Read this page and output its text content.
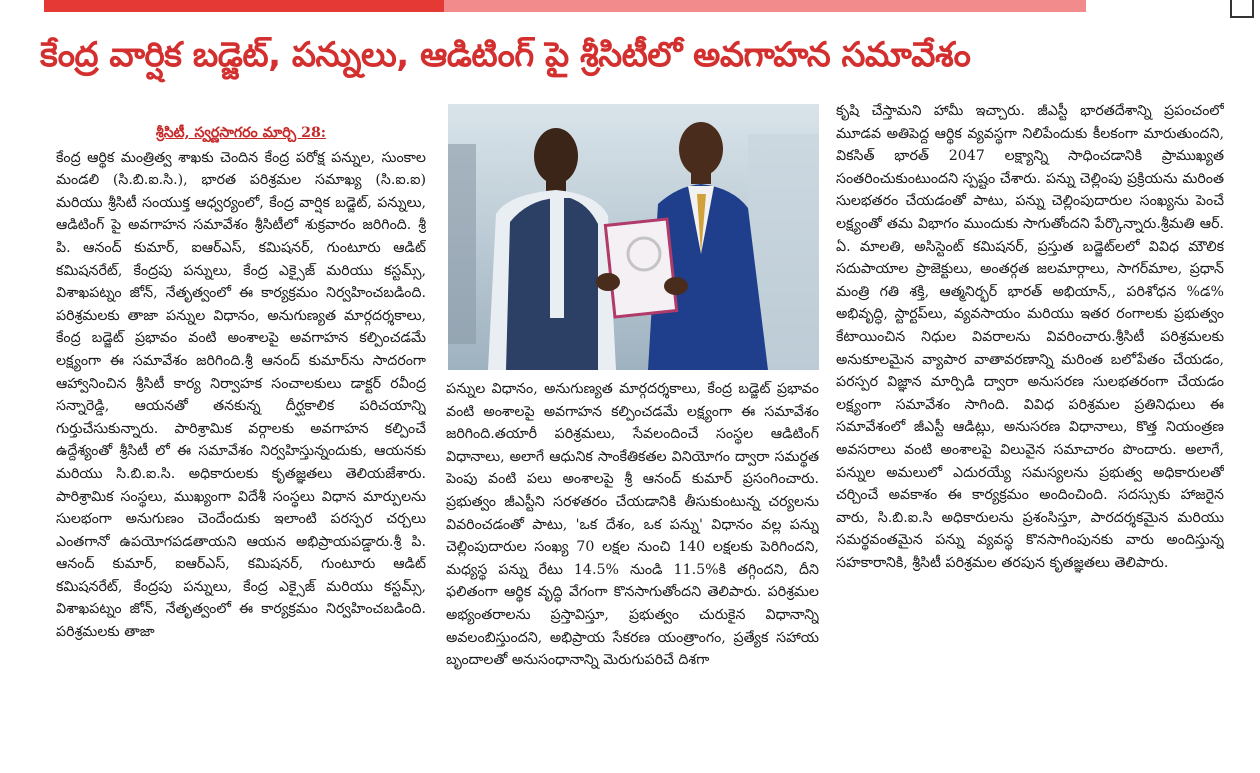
కేంద్ర వార్షిక బడ్జెట్, పన్నులు, ఆడిటింగ్ పై శ్రీసిటీలో అవగాహన సమావేశం
శ్రీసిటీ, స్వర్ణసాగరం మార్చి 28:

కేంద్ర ఆర్థిక మంత్రిత్వ శాఖకు చెందిన కేంద్ర పరోక్ష పన్నుల, సుంకాల మండలి (సి.బి.ఐ.సి.), భారత పరిశ్రమల సమాఖ్య (సి.ఐ.ఐ) మరియు శ్రీసిటీ సంయుక్త ఆధ్వర్యంలో, కేంద్ర వార్షిక బడ్జెట్, పన్నులు, ఆడిటింగ్ పై అవగాహన సమావేశం శ్రీసిటీలో శుక్రవారం జరిగింది. శ్రీ పి. ఆనంద్ కుమార్, ఐఆర్ఎస్, కమిషనర్, గుంటూరు ఆడిట్ కమిషనరేట్, కేంద్రపు పన్నులు, కేంద్ర ఎక్సైజ్ మరియు కస్టమ్స్, విశాఖపట్నం జోన్, నేతృత్వంలో ఈ కార్యక్రమం నిర్వహించబడింది. పరిశ్రమలకు తాజా పన్నుల విధానం, అనుగుణ్యత మార్గదర్శకాలు, కేంద్ర బడ్జెట్ ప్రభావం వంటి అంశాలపై అవగాహన కల్పించడమే లక్ష్యంగా ఈ సమావేశం జరిగింది.శ్రీ ఆనంద్ కుమార్‌ను సాదరంగా ఆహ్వానించిన శ్రీసిటీ కార్య నిర్వాహక సంచాలకులు డాక్టర్ రవీంద్ర సన్నారెడ్డి, ఆయనతో తనకున్న దీర్ఘకాలిక పరిచయాన్ని గుర్తుచేసుకున్నారు. పారిశ్రామిక వర్గాలకు అవగాహన కల్పించే ఉద్దేశ్యంతో శ్రీసిటీ లో ఈ సమావేశం నిర్వహిస్తున్నందుకు, ఆయనకు మరియు సి.బి.ఐ.సి. అధికారులకు కృతజ్ఞతలు తెలియజేశారు. పారిశ్రామిక సంస్థలు, ముఖ్యంగా విదేశీ సంస్థలు విధాన మార్పులను సులభంగా అనుగుణం చెందేందుకు ఇలాంటి పరస్పర చర్చలు ఎంతగానో ఉపయోగపడతాయని ఆయన అభిప్రాయపడ్డారు.శ్రీ పి. ఆనంద్ కుమార్, ఐఆర్ఎస్, కమిషనర్, గుంటూరు ఆడిట్ కమిషనరేట్, కేంద్రపు పన్నులు, కేంద్ర ఎక్సైజ్ మరియు కస్టమ్స్, విశాఖపట్నం జోన్, నేతృత్వంలో ఈ కార్యక్రమం నిర్వహించబడింది. పరిశ్రమలకు తాజా

పన్నుల విధానం, అనుగుణ్యత మార్గదర్శకాలు, కేంద్ర బడ్జెట్ ప్రభావం వంటి అంశాలపై అవగాహన కల్పించడమే లక్ష్యంగా ఈ సమావేశం జరిగింది.తయారీ పరిశ్రమలు, సేవలందించే సంస్థల ఆడిటింగ్ విధానాలు, అలాగే ఆధునిక సాంకేతికతల వినియోగం ద్వారా సమర్థత పెంపు వంటి పలు అంశాలపై శ్రీ ఆనంద్ కుమార్ ప్రసంగించారు. ప్రభుత్వం జీఎస్టీని సరళతరం చేయడానికి తీసుకుంటున్న చర్యలను వివరించడంతో పాటు, 'ఒక దేశం, ఒక పన్ను' విధానం వల్ల పన్ను చెల్లింపుదారుల సంఖ్య 70 లక్షల నుంచి 140 లక్షలకు పెరిగిందని, మధ్యస్థ పన్ను రేటు 14.5% నుండి 11.5%కి తగ్గిందని, దీని ఫలితంగా ఆర్థిక వృద్ధి వేగంగా కొనసాగుతోందని తెలిపారు. పరిశ్రమల అభ్యంతరాలను ప్రస్తావిస్తూ, ప్రభుత్వం చురుకైన విధానాన్ని అవలంబిస్తుందని, అభిప్రాయ సేకరణ యంత్రాంగం, ప్రత్యేక సహాయ బృందాలతో అనుసంధానాన్ని మెరుగుపరిచే దిశగా

కృషి చేస్తామని హామీ ఇచ్చారు. జీఎస్టీ భారతదేశాన్ని ప్రపంచంలో మూడవ అతిపెద్ద ఆర్థిక వ్యవస్థగా నిలిపేందుకు కీలకంగా మారుతుందని, వికసిత్ భారత్ 2047 లక్ష్యాన్ని సాధించడానికి ప్రాముఖ్యత సంతరించుకుంటుందని స్పష్టం చేశారు. పన్ను చెల్లింపు ప్రక్రియను మరింత సులభతరం చేయడంతో పాటు, పన్ను చెల్లింపుదారుల సంఖ్యను పెంచే లక్ష్యంతో తమ విభాగం ముందుకు సాగుతోందని పేర్కొన్నారు.శ్రీమతి ఆర్. ఏ. మాలతి, అసిస్టెంట్ కమిషనర్, ప్రస్తుత బడ్జెట్‌లలో వివిధ మౌలిక సదుపాయాల ప్రాజెక్టులు, అంతర్గత జలమార్గాలు, సాగర్‌మాల, ప్రధాన్ మంత్రి గతి శక్తి, ఆత్మనిర్భర్ భారత్ అభియాన్,, పరిశోధన %డ% అభివృద్ధి, స్టార్టప్‌లు, వ్యవసాయం మరియు ఇతర రంగాలకు ప్రభుత్వం కేటాయించిన నిధుల వివరాలను వివరించారు.శ్రీసిటీ పరిశ్రమలకు అనుకూలమైన వ్యాపార వాతావరణాన్ని మరింత బలోపేతం చేయడం, పరస్పర విజ్ఞాన మార్పిడి ద్వారా అనుసరణ సులభతరంగా చేయడం లక్ష్యంగా సమావేశం సాగింది. వివిధ పరిశ్రమల ప్రతినిధులు ఈ సమావేశంలో జీఎస్టీ ఆడిట్లు, అనుసరణ విధానాలు, కొత్త నియంత్రణ అవసరాలు వంటి అంశాలపై విలువైన సమాచారం పొందారు. అలాగే, పన్నుల అమలులో ఎదురయ్యే సమస్యలను ప్రభుత్వ అధికారులతో చర్చించే అవకాశం ఈ కార్యక్రమం అందించింది. సదస్సుకు హాజరైన వారు, సి.బి.ఐ.సి అధికారులను ప్రశంసిస్తూ, పారదర్శకమైన మరియు సమర్థవంతమైన పన్ను వ్యవస్థ కొనసాగింపునకు వారు అందిస్తున్న సహకారానికి, శ్రీసిటీ పరిశ్రమల తరపున కృతజ్ఞతలు తెలిపారు.
